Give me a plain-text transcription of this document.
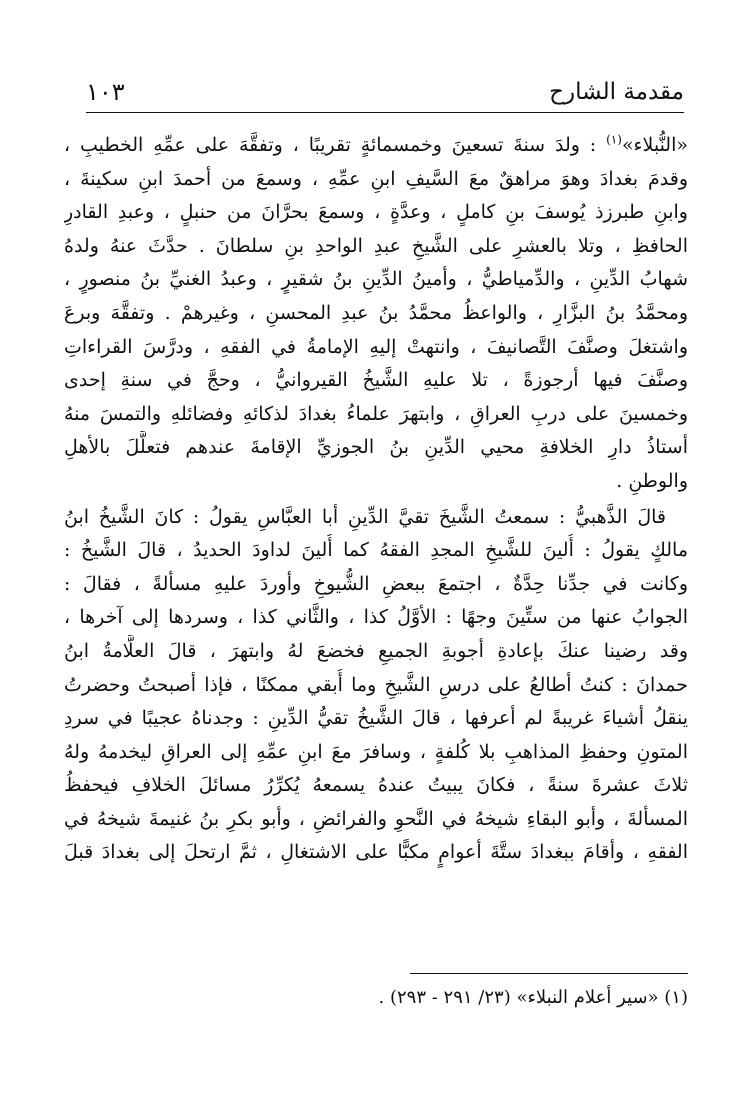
مقدمة الشارح
١٠٣
«النُّبلاء»$^{(١)}$ : ولدَ سنةَ تسعينَ وخمسمائةٍ تقريبًا ، وتفقَّهَ على عمِّهِ الخطيبِ ،
وقدمَ بغدادَ وهوَ مراهقٌ معَ السَّيفِ ابنِ عمِّهِ ، وسمعَ من أحمدَ ابنِ سكينةَ ،
وابنِ طبرزذ يُوسفَ بنِ كاملٍ ، وعدَّةٍ ، وسمعَ بحرَّانَ من حنبلٍ ، وعبدِ القادرِ
الحافظِ ، وتلا بالعشرِ على الشَّيخِ عبدِ الواحدِ بنِ سلطانَ . حدَّثَ عنهُ ولدهُ
شهابُ الدِّينِ ، والدِّمياطيُّ ، وأمينُ الدِّينِ بنُ شقيرٍ ، وعبدُ الغنيِّ بنُ منصورٍ ،
ومحمَّدُ بنُ البزَّارِ ، والواعظُ محمَّدُ بنُ عبدِ المحسنِ ، وغيرهمْ . وتفقَّهَ وبرعَ
واشتغلَ وصنَّفَ التَّصانيفَ ، وانتهتْ إليهِ الإمامةُ في الفقهِ ، ودرَّسَ القراءاتِ
وصنَّفَ فيها أرجوزةً ، تلا عليهِ الشَّيخُ القيروانيُّ ، وحجَّ في سنةِ إحدى
وخمسينَ على دربِ العراقِ ، وابتهرَ علماءُ بغدادَ لذكائهِ وفضائلهِ والتمسَ منهُ
أستاذُ دارِ الخلافةِ محيي الدِّينِ بنُ الجوزيِّ الإقامةَ عندهم فتعلَّلَ بالأهلِ
والوطنِ .
قالَ الذَّهبيُّ : سمعتُ الشَّيخَ تقيَّ الدِّينِ أبا العبَّاسِ يقولُ : كانَ الشَّيخُ ابنُ
مالكٍ يقولُ : أُلينَ للشَّيخِ المجدِ الفقهُ كما أُلينَ لداودَ الحديدُ ، قالَ الشَّيخُ :
وكانت في جدِّنا حِدَّةٌ ، اجتمعَ ببعضِ الشُّيوخِ وأوردَ عليهِ مسألةً ، فقالَ :
الجوابُ عنها من ستِّينَ وجهًا : الأوَّلُ كذا ، والثَّاني كذا ، وسردها إلى آخرها ،
وقد رضينا عنكَ بإعادةِ أجوبةِ الجميعِ فخضعَ لهُ وابتهرَ ، قالَ العلَّامةُ ابنُ
حمدانَ : كنتُ أطالعُ على درسِ الشَّيخِ وما أُبقي ممكنًا ، فإذا أصبحتُ وحضرتُ
ينقلُ أشياءَ غريبةً لم أعرفها ، قالَ الشَّيخُ تقيُّ الدِّينِ : وجدناهُ عجيبًا في سردِ
المتونِ وحفظِ المذاهبِ بلا كُلفةٍ ، وسافرَ معَ ابنِ عمِّهِ إلى العراقِ ليخدمهُ ولهُ
ثلاثَ عشرةَ سنةً ، فكانَ يبيتُ عندهُ يسمعهُ يُكرِّرُ مسائلَ الخلافِ فيحفظُ
المسألةَ ، وأبو البقاءِ شيخهُ في النَّحوِ والفرائضِ ، وأبو بكرِ بنُ غنيمةَ شيخهُ في
الفقهِ ، وأقامَ ببغدادَ ستَّةَ أعوامٍ مكبًّا على الاشتغالِ ، ثمَّ ارتحلَ إلى بغدادَ قبلَ
(١) «سير أعلام النبلاء» (٢٣/ ٢٩١ - ٢٩٣) .
